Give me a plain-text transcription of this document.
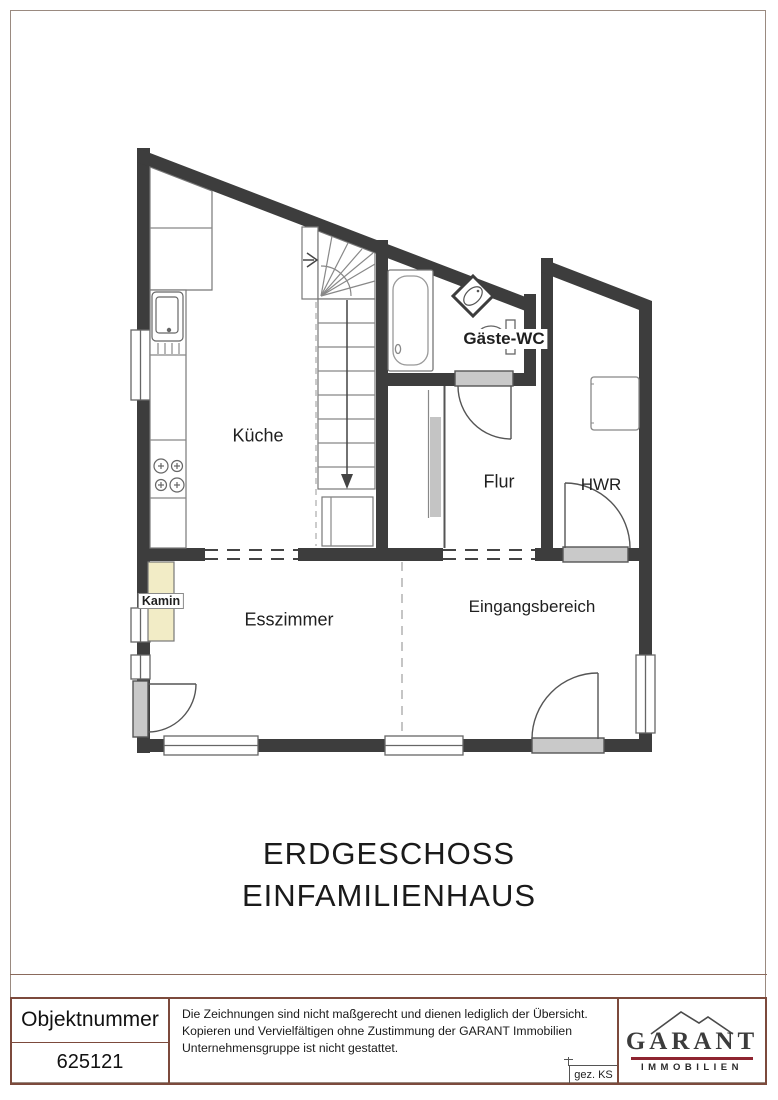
Küche
Flur	HWR
Gäste-WC
Esszimmer
Eingangsbereich
Kamin
ERDGESCHOSS
EINFAMILIENHAUS
Objektnummer
625121
Die Zeichnungen sind nicht maßgerecht und dienen lediglich der Übersicht.
Kopieren und Vervielfältigen ohne Zustimmung der GARANT Immobilien
Unternehmensgruppe ist nicht gestattet.
gez. KS
GARANT
IMMOBILIEN
